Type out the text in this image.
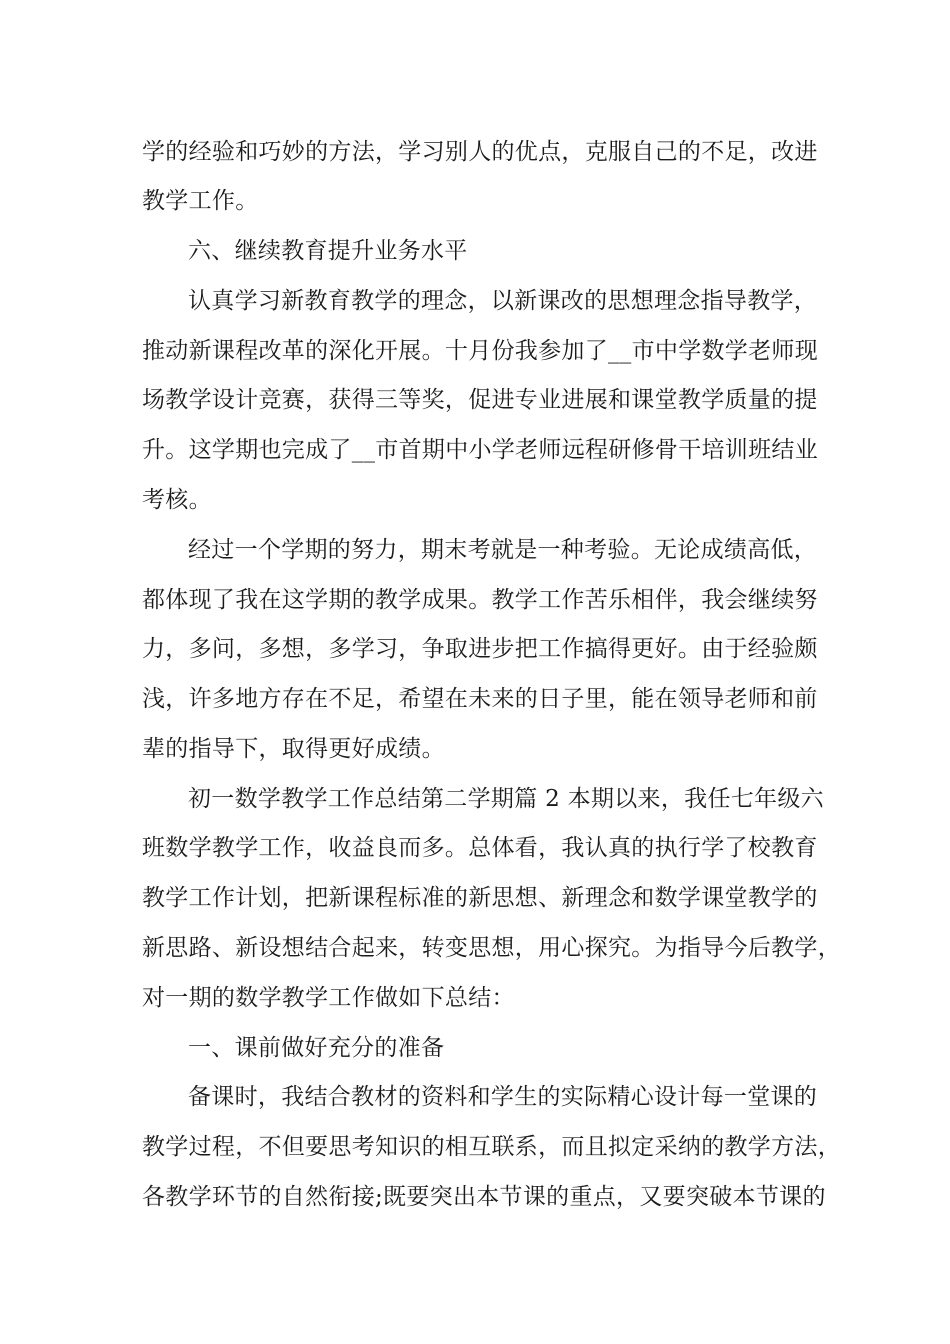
学的经验和巧妙的方法，学习别人的优点，克服自己的不足，改进
教学工作。
六、继续教育提升业务水平
认真学习新教育教学的理念，以新课改的思想理念指导教学，
推动新课程改革的深化开展。十月份我参加了__市中学数学老师现
场教学设计竞赛，获得三等奖，促进专业进展和课堂教学质量的提
升。这学期也完成了__市首期中小学老师远程研修骨干培训班结业
考核。
经过一个学期的努力，期末考就是一种考验。无论成绩高低，
都体现了我在这学期的教学成果。教学工作苦乐相伴，我会继续努
力，多问，多想，多学习，争取进步把工作搞得更好。由于经验颇
浅，许多地方存在不足，希望在未来的日子里，能在领导老师和前
辈的指导下，取得更好成绩。
初一数学教学工作总结第二学期篇 2 本期以来，我任七年级六
班数学教学工作，收益良而多。总体看，我认真的执行学了校教育
教学工作计划，把新课程标准的新思想、新理念和数学课堂教学的
新思路、新设想结合起来，转变思想，用心探究。为指导今后教学，
对一期的数学教学工作做如下总结：
一、课前做好充分的准备
备课时，我结合教材的资料和学生的实际精心设计每一堂课的
教学过程，不但要思考知识的相互联系，而且拟定采纳的教学方法，
各教学环节的自然衔接;既要突出本节课的重点，又要突破本节课的
